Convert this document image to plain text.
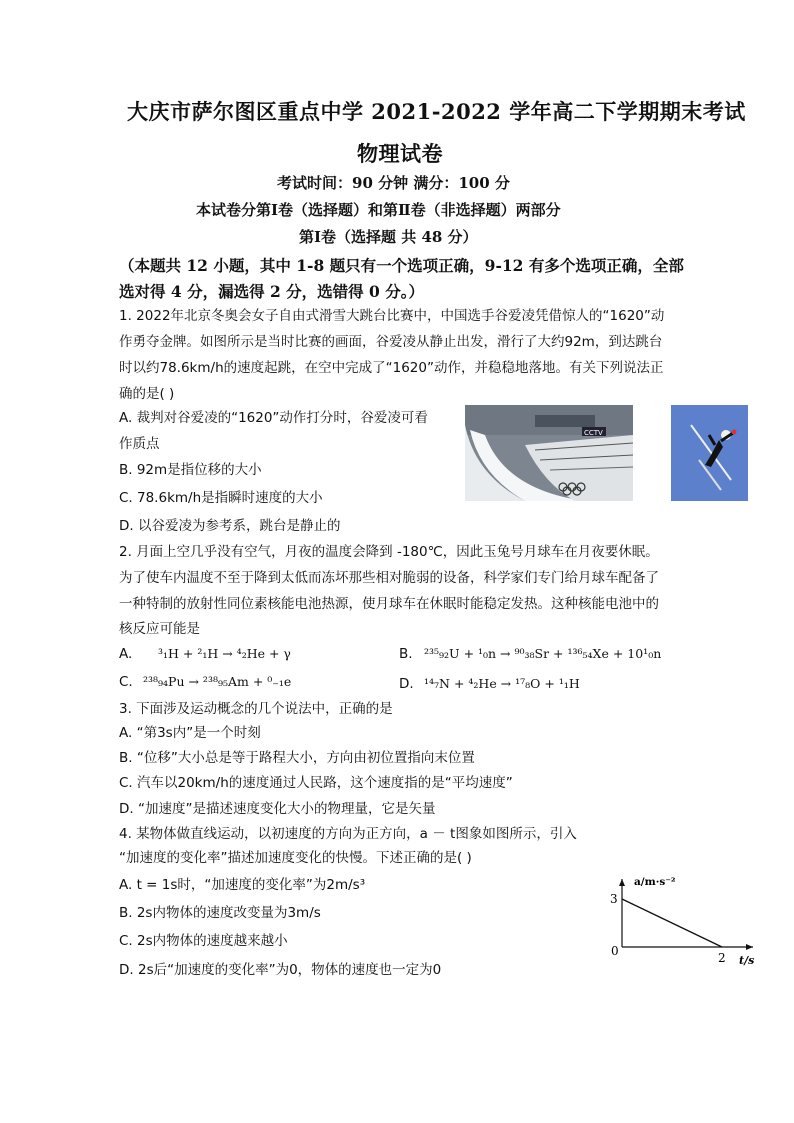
大庆市萨尔图区重点中学 2021-2022 学年高二下学期期末考试
物理试卷
考试时间：90 分钟 满分：100 分
本试卷分第Ⅰ卷（选择题）和第Ⅱ卷（非选择题）两部分
第Ⅰ卷（选择题 共 48 分）
（本题共 12 小题，其中 1-8 题只有一个选项正确，9-12 有多个选项正确，全部
选对得 4 分，漏选得 2 分，选错得 0 分。）
1. 2022年北京冬奥会女子自由式滑雪大跳台比赛中，中国选手谷爱凌凭借惊人的“1620”动
作勇夺金牌。如图所示是当时比赛的画面，谷爱凌从静止出发，滑行了大约92m，到达跳台
时以约78.6km/h的速度起跳，在空中完成了“1620”动作，并稳稳地落地。有关下列说法正
确的是( )
A. 裁判对谷爱凌的“1620”动作打分时，谷爱凌可看
作质点
B. 92m是指位移的大小
C. 78.6km/h是指瞬时速度的大小
D. 以谷爱凌为参考系，跳台是静止的
CCTV
2. 月面上空几乎没有空气，月夜的温度会降到 -180℃，因此玉兔号月球车在月夜要休眠。
为了使车内温度不至于降到太低而冻坏那些相对脆弱的设备，科学家们专门给月球车配备了
一种特制的放射性同位素核能电池热源，使月球车在休眠时能稳定发热。这种核能电池中的
核反应可能是
A. ³₁H + ²₁H → ⁴₂He + γ	B. ²³⁵₉₂U + ¹₀n → ⁹⁰₃₈Sr + ¹³⁶₅₄Xe + 10¹₀n
C. ²³⁸₉₄Pu → ²³⁸₉₅Am + ⁰₋₁e	D. ¹⁴₇N + ⁴₂He → ¹⁷₈O + ¹₁H
3. 下面涉及运动概念的几个说法中，正确的是
A. “第3s内”是一个时刻
B. “位移”大小总是等于路程大小，方向由初位置指向末位置
C. 汽车以20km/h的速度通过人民路，这个速度指的是“平均速度”
D. “加速度”是描述速度变化大小的物理量，它是矢量
4. 某物体做直线运动，以初速度的方向为正方向，a － t图象如图所示，引入
“加速度的变化率”描述加速度变化的快慢。下述正确的是( )
A. t = 1s时，“加速度的变化率”为2m/s³
B. 2s内物体的速度改变量为3m/s
C. 2s内物体的速度越来越小
D. 2s后“加速度的变化率”为0，物体的速度也一定为0
0	2
3
a/m·s⁻²
t/s
